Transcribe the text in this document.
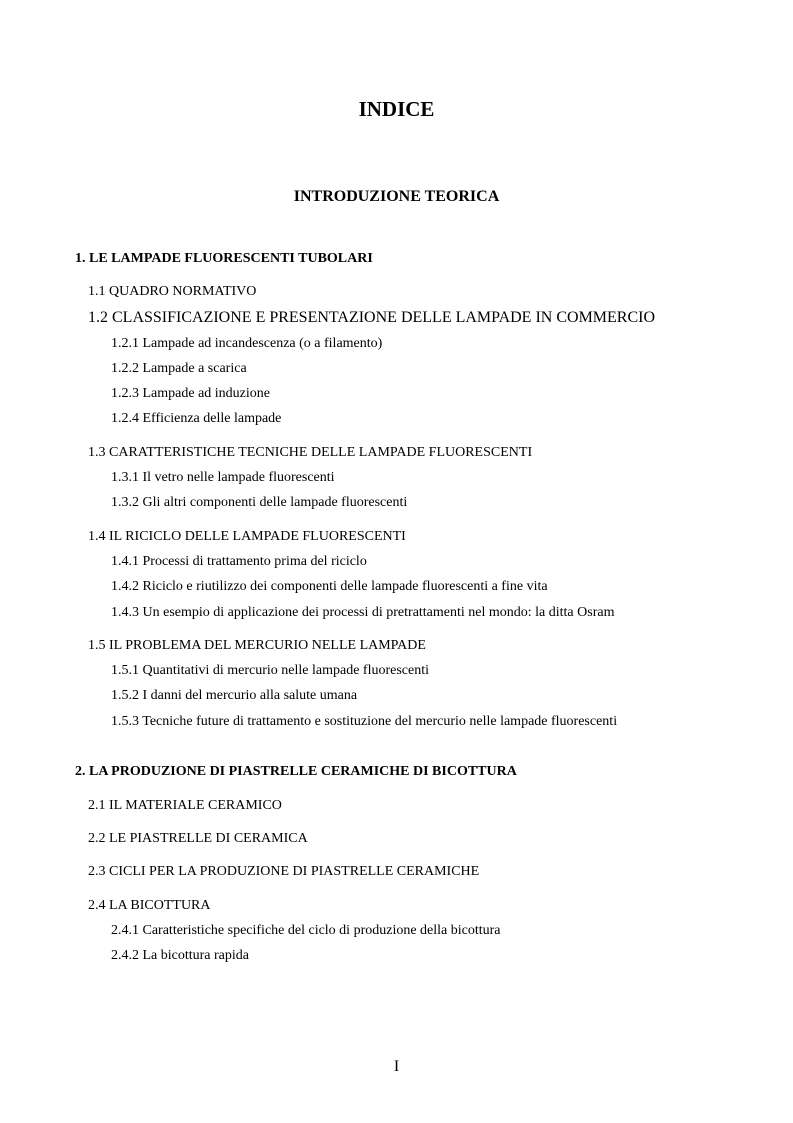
INDICE
INTRODUZIONE TEORICA
1. LE LAMPADE FLUORESCENTI TUBOLARI
1.1 QUADRO NORMATIVO
1.2 CLASSIFICAZIONE E PRESENTAZIONE DELLE LAMPADE IN COMMERCIO
1.2.1 Lampade ad incandescenza (o a filamento)
1.2.2 Lampade a scarica
1.2.3 Lampade ad induzione
1.2.4 Efficienza delle lampade
1.3 CARATTERISTICHE TECNICHE DELLE LAMPADE FLUORESCENTI
1.3.1 Il vetro nelle lampade fluorescenti
1.3.2 Gli altri componenti delle lampade fluorescenti
1.4 IL RICICLO DELLE LAMPADE FLUORESCENTI
1.4.1 Processi di trattamento prima del riciclo
1.4.2 Riciclo e riutilizzo dei componenti delle lampade fluorescenti a fine vita
1.4.3 Un esempio di applicazione dei processi di pretrattamenti nel mondo: la ditta Osram
1.5 IL PROBLEMA DEL MERCURIO NELLE LAMPADE
1.5.1 Quantitativi di mercurio nelle lampade fluorescenti
1.5.2 I danni del mercurio alla salute umana
1.5.3 Tecniche future di trattamento e sostituzione del mercurio nelle lampade fluorescenti
2. LA PRODUZIONE DI PIASTRELLE CERAMICHE DI BICOTTURA
2.1 IL MATERIALE CERAMICO
2.2 LE PIASTRELLE DI CERAMICA
2.3 CICLI PER LA PRODUZIONE DI PIASTRELLE CERAMICHE
2.4 LA BICOTTURA
2.4.1 Caratteristiche specifiche del ciclo di produzione della bicottura
2.4.2 La bicottura rapida
I
